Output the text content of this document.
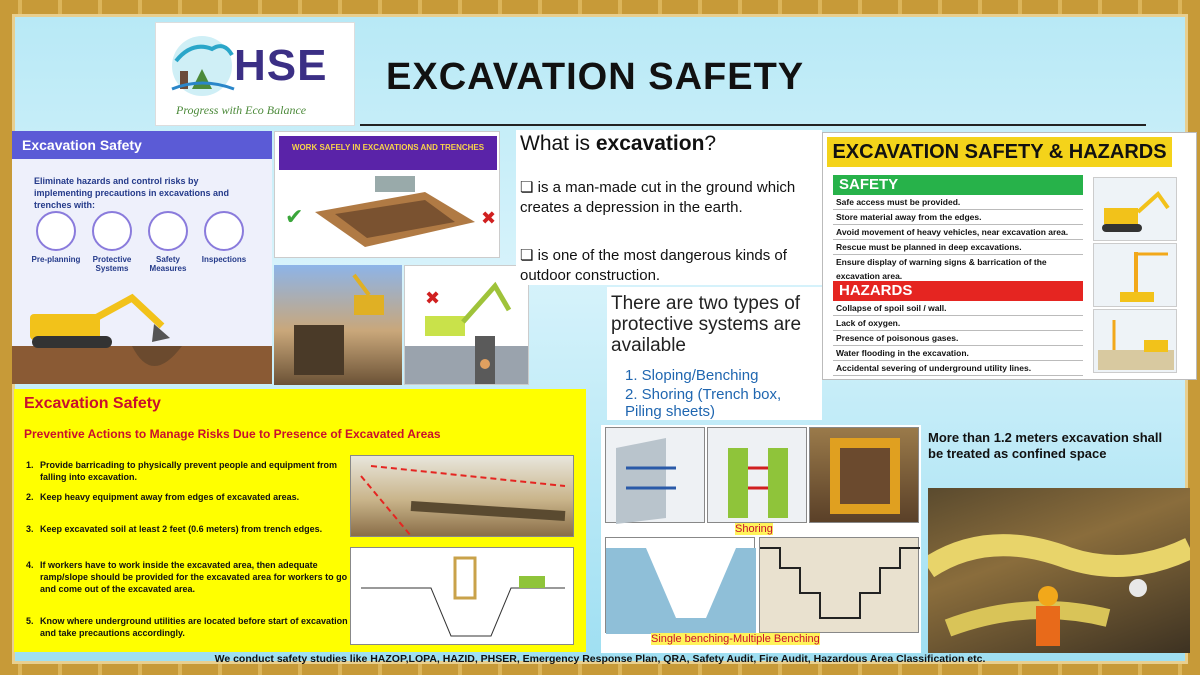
HSE
Progress with Eco Balance
EXCAVATION SAFETY
Excavation Safety
Eliminate hazards and control risks by implementing precautions in excavations and trenches with:
Pre-planning	Protective Systems
Safety Measures
Inspections
WORK SAFELY IN EXCAVATIONS AND TRENCHES
✔	✖
✖
What is excavation?
❏ is a man-made cut in the ground which creates a depression in the earth.
❏ is one of the most dangerous kinds of outdoor construction.
There are two types of protective systems are available
1. Sloping/Benching
2. Shoring (Trench box, Piling sheets)
EXCAVATION SAFETY & HAZARDS
SAFETY
Safe access must be provided.
Store material away from the edges.
Avoid movement of heavy vehicles, near excavation area.
Rescue must be planned in deep excavations.
Ensure display of warning signs & barrication of the excavation area.
HAZARDS
Collapse of spoil soil / wall.
Lack of oxygen.
Presence of poisonous gases.
Water flooding in the excavation.
Accidental severing of underground utility lines.
Excavation Safety
Preventive Actions to Manage Risks Due to Presence of Excavated Areas
1. Provide barricading to physically prevent people and equipment from falling into excavation.
2. Keep heavy equipment away from edges of excavated areas.
3. Keep excavated soil at least 2 feet (0.6 meters) from trench edges.
4. If workers have to work inside the excavated area, then adequate ramp/slope should be provided for the excavated area for workers to go and come out of the excavated area.
5. Know where underground utilities are located before start of excavation and take precautions accordingly.
Shoring
Single benching-Multiple Benching
More than 1.2 meters excavation shall be treated as confined space
We conduct safety studies like HAZOP,LOPA, HAZID, PHSER, Emergency Response Plan, QRA, Safety Audit, Fire Audit, Hazardous Area Classification etc.
